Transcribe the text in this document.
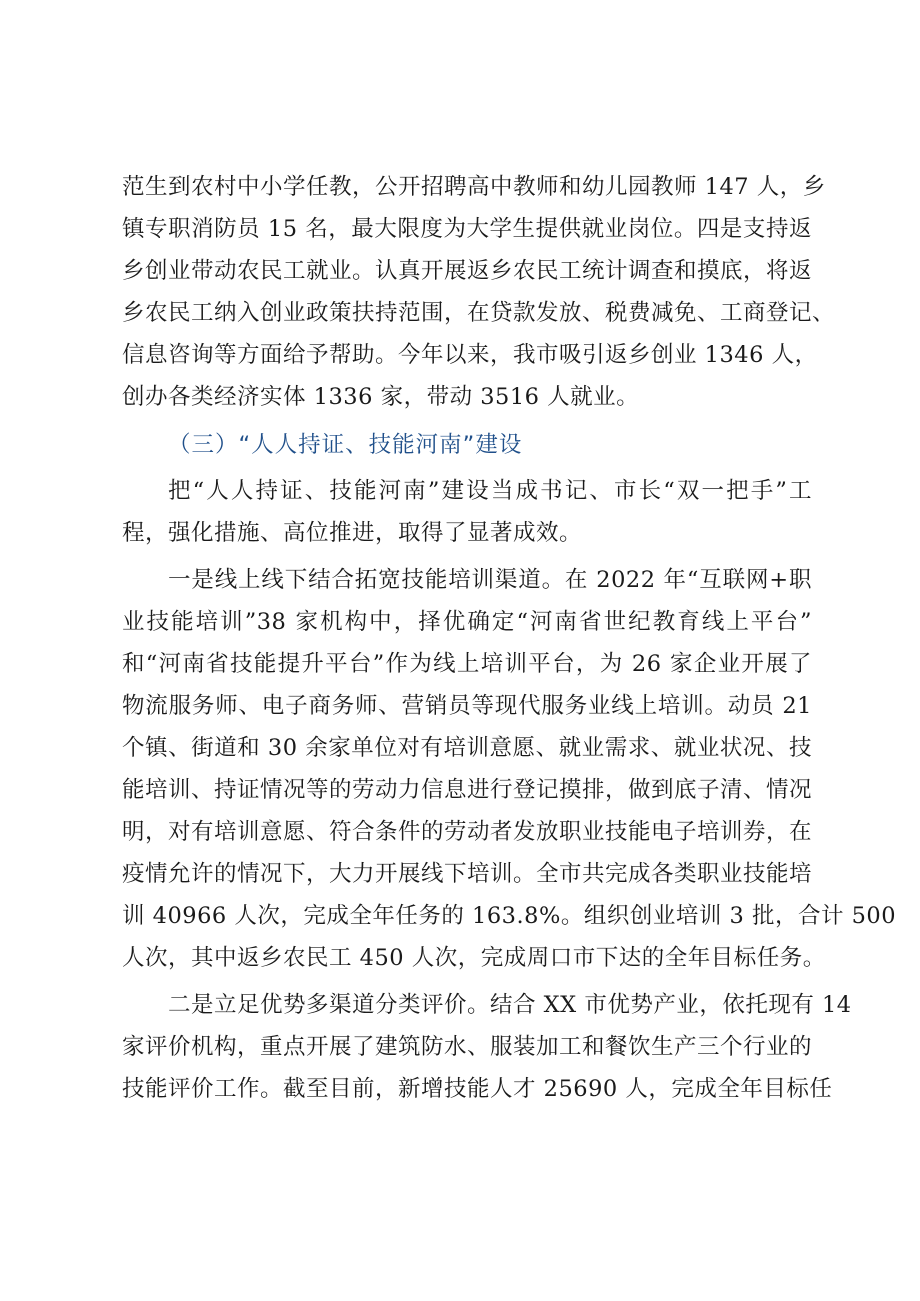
范生到农村中小学任教，公开招聘高中教师和幼儿园教师 147 人，乡
镇专职消防员 15 名，最大限度为大学生提供就业岗位。四是支持返
乡创业带动农民工就业。认真开展返乡农民工统计调查和摸底，将返
乡农民工纳入创业政策扶持范围，在贷款发放、税费减免、工商登记、
信息咨询等方面给予帮助。今年以来，我市吸引返乡创业 1346 人，
创办各类经济实体 1336 家，带动 3516 人就业。
（三）“人人持证、技能河南”建设
把“人人持证、技能河南”建设当成书记、市长“双一把手”工
程，强化措施、高位推进，取得了显著成效。
一是线上线下结合拓宽技能培训渠道。在 2022 年“互联网+职
业技能培训”38 家机构中，择优确定“河南省世纪教育线上平台”
和“河南省技能提升平台”作为线上培训平台，为 26 家企业开展了
物流服务师、电子商务师、营销员等现代服务业线上培训。动员 21
个镇、街道和 30 余家单位对有培训意愿、就业需求、就业状况、技
能培训、持证情况等的劳动力信息进行登记摸排，做到底子清、情况
明，对有培训意愿、符合条件的劳动者发放职业技能电子培训券，在
疫情允许的情况下，大力开展线下培训。全市共完成各类职业技能培
训 40966 人次，完成全年任务的 163.8%。组织创业培训 3 批，合计 500
人次，其中返乡农民工 450 人次，完成周口市下达的全年目标任务。
二是立足优势多渠道分类评价。结合 XX 市优势产业，依托现有 14
家评价机构，重点开展了建筑防水、服装加工和餐饮生产三个行业的
技能评价工作。截至目前，新增技能人才 25690 人，完成全年目标任
